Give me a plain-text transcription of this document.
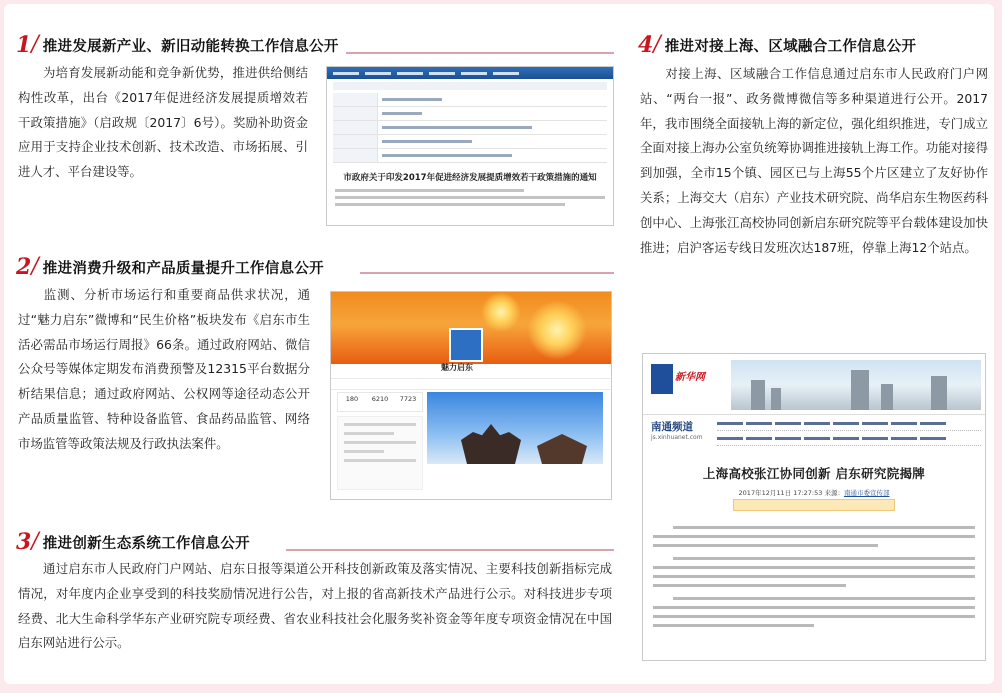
1 / 推进发展新产业、新旧动能转换工作信息公开
为培育发展新动能和竞争新优势，推进供给侧结构性改革，出台《2017年促进经济发展提质增效若干政策措施》（启政规〔2017〕6号）。奖励补助资金应用于支持企业技术创新、技术改造、市场拓展、引进人才、平台建设等。	市政府关于印发2017年促进经济发展提质增效若干政策措施的通知
2 / 推进消费升级和产品质量提升工作信息公开
监测、分析市场运行和重要商品供求状况，通过“魅力启东”微博和“民生价格”板块发布《启东市生活必需品市场运行周报》66条。通过政府网站、微信公众号等媒体定期发布消费预警及12315平台数据分析结果信息；通过政府网站、公权网等途径动态公开产品质量监管、特种设备监管、食品药品监管、网络市场监管等政策法规及行政执法案件。
魅力启东
180	6210	7723
3 / 推进创新生态系统工作信息公开
通过启东市人民政府门户网站、启东日报等渠道公开科技创新政策及落实情况、主要科技创新指标完成情况，对年度内企业享受到的科技奖励情况进行公告，对上报的省高新技术产品进行公示。对科技进步专项经费、北大生命科学华东产业研究院专项经费、省农业科技社会化服务奖补资金等年度专项资金情况在中国启东网站进行公示。
4 / 推进对接上海、区域融合工作信息公开
对接上海、区域融合工作信息通过启东市人民政府门户网站、“两台一报”、政务微博微信等多种渠道进行公开。2017年，我市围绕全面接轨上海的新定位，强化组织推进，专门成立全面对接上海办公室负统筹协调推进接轨上海工作。功能对接得到加强，全市15个镇、园区已与上海55个片区建立了友好协作关系；上海交大（启东）产业技术研究院、尚华启东生物医药科创中心、上海张江高校协同创新启东研究院等平台载体建设加快推进；启沪客运专线日发班次达187班，停靠上海12个站点。
新华网
南通频道
js.xinhuanet.com
上海高校张江协同创新 启东研究院揭牌
2017年12月11日 17:27:53 来源：南通市委宣传部
